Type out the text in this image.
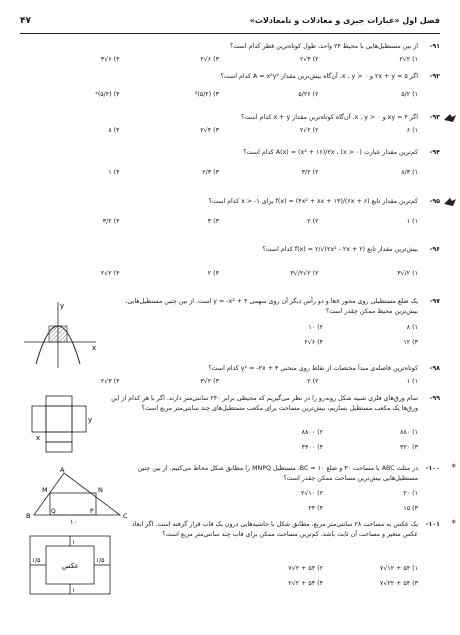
فصل اول «عبارات جبری و معادلات و نامعادلات»
۴۷
۹۱-
از بین مستطیل‌هایی با محیط ۲۴ واحد، طول کوتاه‌ترین قطر کدام است؟
۱) ۲√۲
۲) ۳√۲
۳) ۶√۲
۴) ۶√۳
۹۲-
اگر ۵ = ۲x + y و x , y > ۰، آن‌گاه بیش‌ترین مقدار A = x²y² کدام است؟
۱) ۵/۲
۲) ۵/۲۶
۳) (۵/۲)²
۴) (۵/۴)⁴
۹۳-
اگر ۴ = xy و x , y > ۰، آن‌گاه کوتاه‌ترین مقدار x + y کدام است؟
۱) ۶
۲) ۲√۲
۳) ۴√۲
۴) ۸
۹۴-
کم‌ترین مقدار عبارت A(x) = (x² + ۱۶)/۲x ، (x > ۰) کدام است؟
۱) ۸/۳
۲) ۳/۲
۳) ۲/۳
۴) ۱
۹۵-
کم‌ترین مقدار تابع f(x) = (۴x² + ۸x + ۱۳)/(۶x + ۶) برای x > -۱ کدام است؟
۱) ۱
۲) ۲
۳) ۳
۴) ۳/۲
۹۶-
بیش‌ترین مقدار تابع f(x) = ۲/√(۲x² - ۲x + ۲) کدام است؟
۱) ۲/√۳
۲) ۲√۲/√۳
۳) ۲
۴) ۲√۲
۹۷-
یک ضلع مستطیلی روی محور xها و دو رأس دیگر آن روی سهمی y = -x² + ۴ است. از بین چنین مستطیل‌هایی، بیش‌ترین محیط ممکن چقدر است؟
۱) ۸
۲) ۱۰
۳) ۱۲
۴) ۶√۲
x
y
۹۸-
کوتاه‌ترین فاصله‌ی مبدأ مختصات از نقاط روی منحنی y² = -۲x + ۴ کدام است؟
۱) ۱
۲) ۲
۳) ۲√۳
۴) ۳√۲
۹۹-
تمام ورق‌های فلزی شبیه شکل روبه‌رو را در نظر می‌گیریم که محیطی برابر ۲۴۰ سانتی‌متر دارند. اگر با هر کدام از این ورق‌ها یک مکعب مستطیل بسازیم، بیش‌ترین مساحت برای مکعب مستطیل‌های چند سانتی‌متر مربع است؟
۱) ۸۸۰
۲) ۸۸۰۰
۳) ۳۲۰
۴) ۴۴۰۰
y
x
*
۱۰۰-
در مثلث ABC با مساحت ۳۰ و ضلع BC = ۱۰، مستطیل MNPQ را مطابق شکل محاط می‌کنیم. از بین چنین مستطیل‌هایی بیش‌ترین مساحت ممکن چقدر است؟
۱) ۲۰
۲) ۱۰√۲
۳) ۱۵
۴) ۲۴
A
B	C
M	N
Q	P
۱۰	*
۱۰۱-
یک عکس به مساحت ۲۸ سانتی‌متر مربع، مطابق شکل با حاشیه‌هایی درون یک قاب قرار گرفته است. اگر ابعاد عکس متغیر و مساحت آن ثابت باشد، کم‌ترین مساحت ممکن برای قاب چند سانتی‌متر مربع است؟
۱) ۵۴ + ۱۲√۷
۲) ۵۴ + ۲√۷
۳) ۵۴ + ۲۲√۷
۴) ۵۴ + ۲√۲
عکس
۱
۱
۱/۵	۱/۵
